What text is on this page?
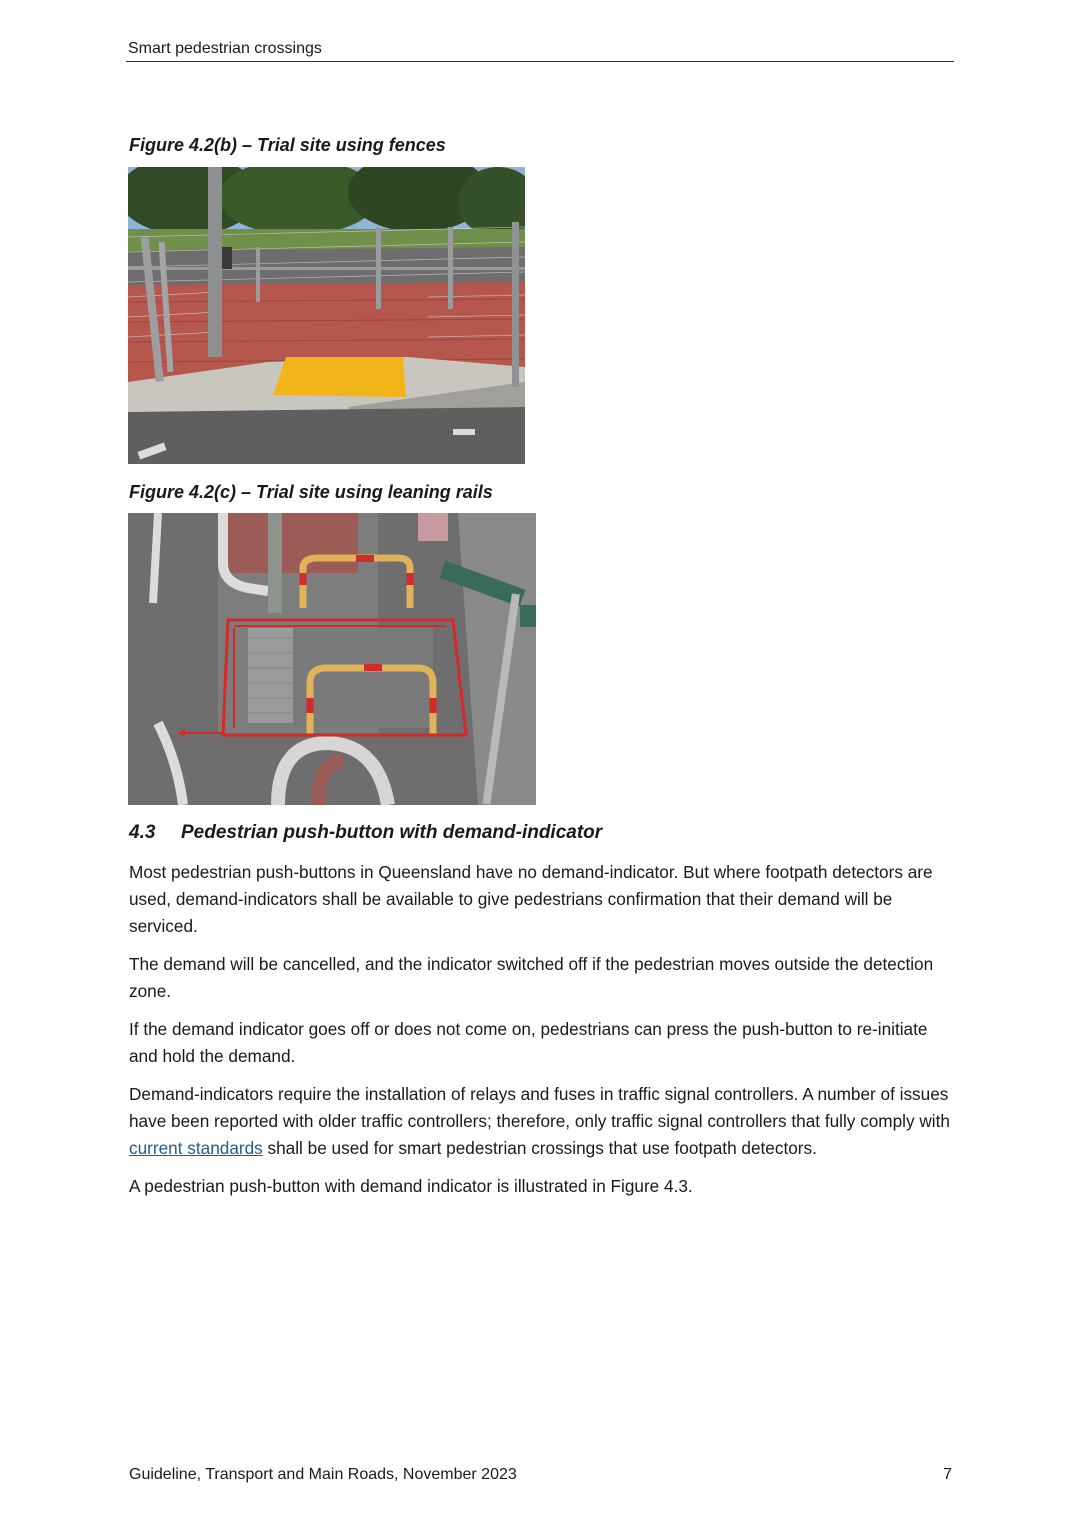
Smart pedestrian crossings
Figure 4.2(b) – Trial site using fences
Figure 4.2(c) – Trial site using leaning rails
4.3 Pedestrian push-button with demand-indicator

Most pedestrian push-buttons in Queensland have no demand-indicator. But where footpath detectors are used, demand-indicators shall be available to give pedestrians confirmation that their demand will be serviced.

The demand will be cancelled, and the indicator switched off if the pedestrian moves outside the detection zone.

If the demand indicator goes off or does not come on, pedestrians can press the push-button to re-initiate and hold the demand.

Demand-indicators require the installation of relays and fuses in traffic signal controllers. A number of issues have been reported with older traffic controllers; therefore, only traffic signal controllers that fully comply with current standards shall be used for smart pedestrian crossings that use footpath detectors.

A pedestrian push-button with demand indicator is illustrated in Figure 4.3.

Guideline, Transport and Main Roads, November 2023	7
